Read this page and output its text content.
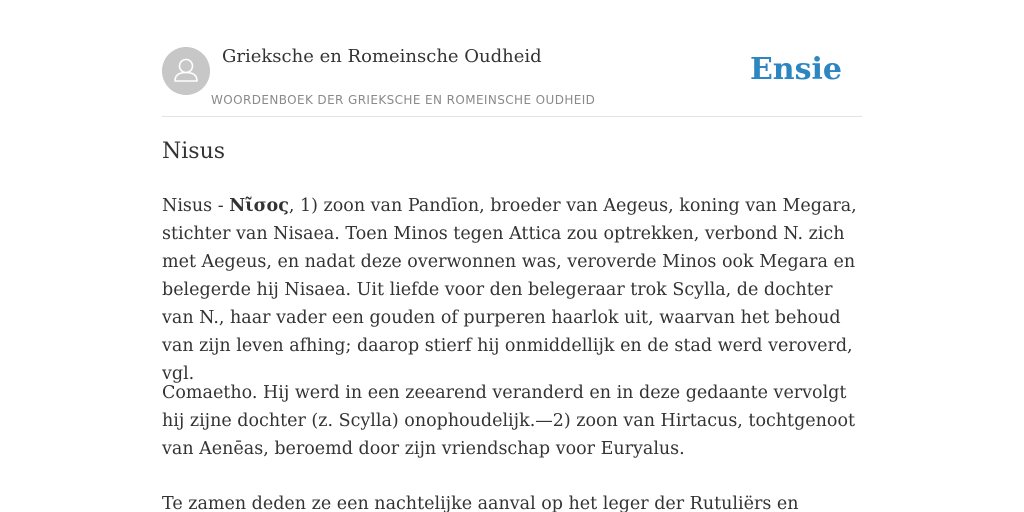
Grieksche en Romeinsche Oudheid
WOORDENBOEK DER GRIEKSCHE EN ROMEINSCHE OUDHEID
Ensie
Nisus

Nisus - Νῖσος, 1) zoon van Pandīon, broeder van Aegeus, koning van Megara, stichter van Nisaea. Toen Minos tegen Attica zou optrekken, verbond N. zich met Aegeus, en nadat deze overwonnen was, veroverde Minos ook Megara en belegerde hij Nisaea. Uit liefde voor den belegeraar trok Scylla, de dochter van N., haar vader een gouden of purperen haarlok uit, waarvan het behoud van zijn leven afhing; daarop stierf hij onmiddellijk en de stad werd veroverd, vgl.

Comaetho. Hij werd in een zeearend veranderd en in deze gedaante vervolgt hij zijne dochter (z. Scylla) onophoudelijk.—2) zoon van Hirtacus, tochtgenoot van Aenēas, beroemd door zijn vriendschap voor Euryalus.

Te zamen deden ze een nachtelijke aanval op het leger der Rutuliërs en
